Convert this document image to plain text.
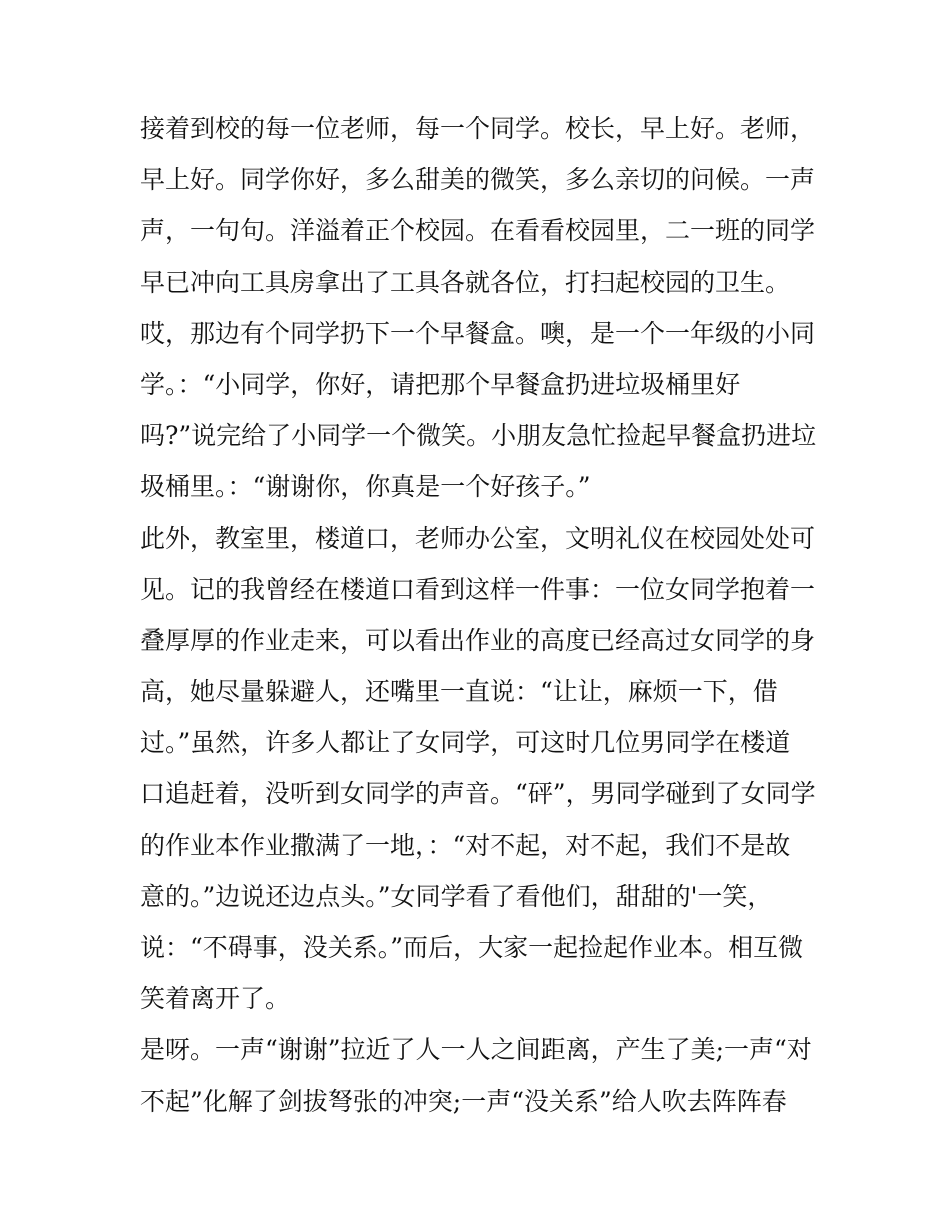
接着到校的每一位老师，每一个同学。校长，早上好。老师，
早上好。同学你好，多么甜美的微笑，多么亲切的问候。一声
声，一句句。洋溢着正个校园。在看看校园里，二一班的同学
早已冲向工具房拿出了工具各就各位，打扫起校园的卫生。
哎，那边有个同学扔下一个早餐盒。噢，是一个一年级的小同
学。：“小同学，你好，请把那个早餐盒扔进垃圾桶里好
吗?”说完给了小同学一个微笑。小朋友急忙捡起早餐盒扔进垃
圾桶里。：“谢谢你，你真是一个好孩子。”
此外，教室里，楼道口，老师办公室，文明礼仪在校园处处可
见。记的我曾经在楼道口看到这样一件事：一位女同学抱着一
叠厚厚的作业走来，可以看出作业的高度已经高过女同学的身
高，她尽量躲避人，还嘴里一直说：“让让，麻烦一下，借
过。”虽然，许多人都让了女同学，可这时几位男同学在楼道
口追赶着，没听到女同学的声音。“砰”，男同学碰到了女同学
的作业本作业撒满了一地，：“对不起，对不起，我们不是故
意的。”边说还边点头。”女同学看了看他们，甜甜的'一笑，
说：“不碍事，没关系。”而后，大家一起捡起作业本。相互微
笑着离开了。
是呀。一声“谢谢”拉近了人一人之间距离，产生了美;一声“对
不起”化解了剑拔弩张的冲突;一声“没关系”给人吹去阵阵春
